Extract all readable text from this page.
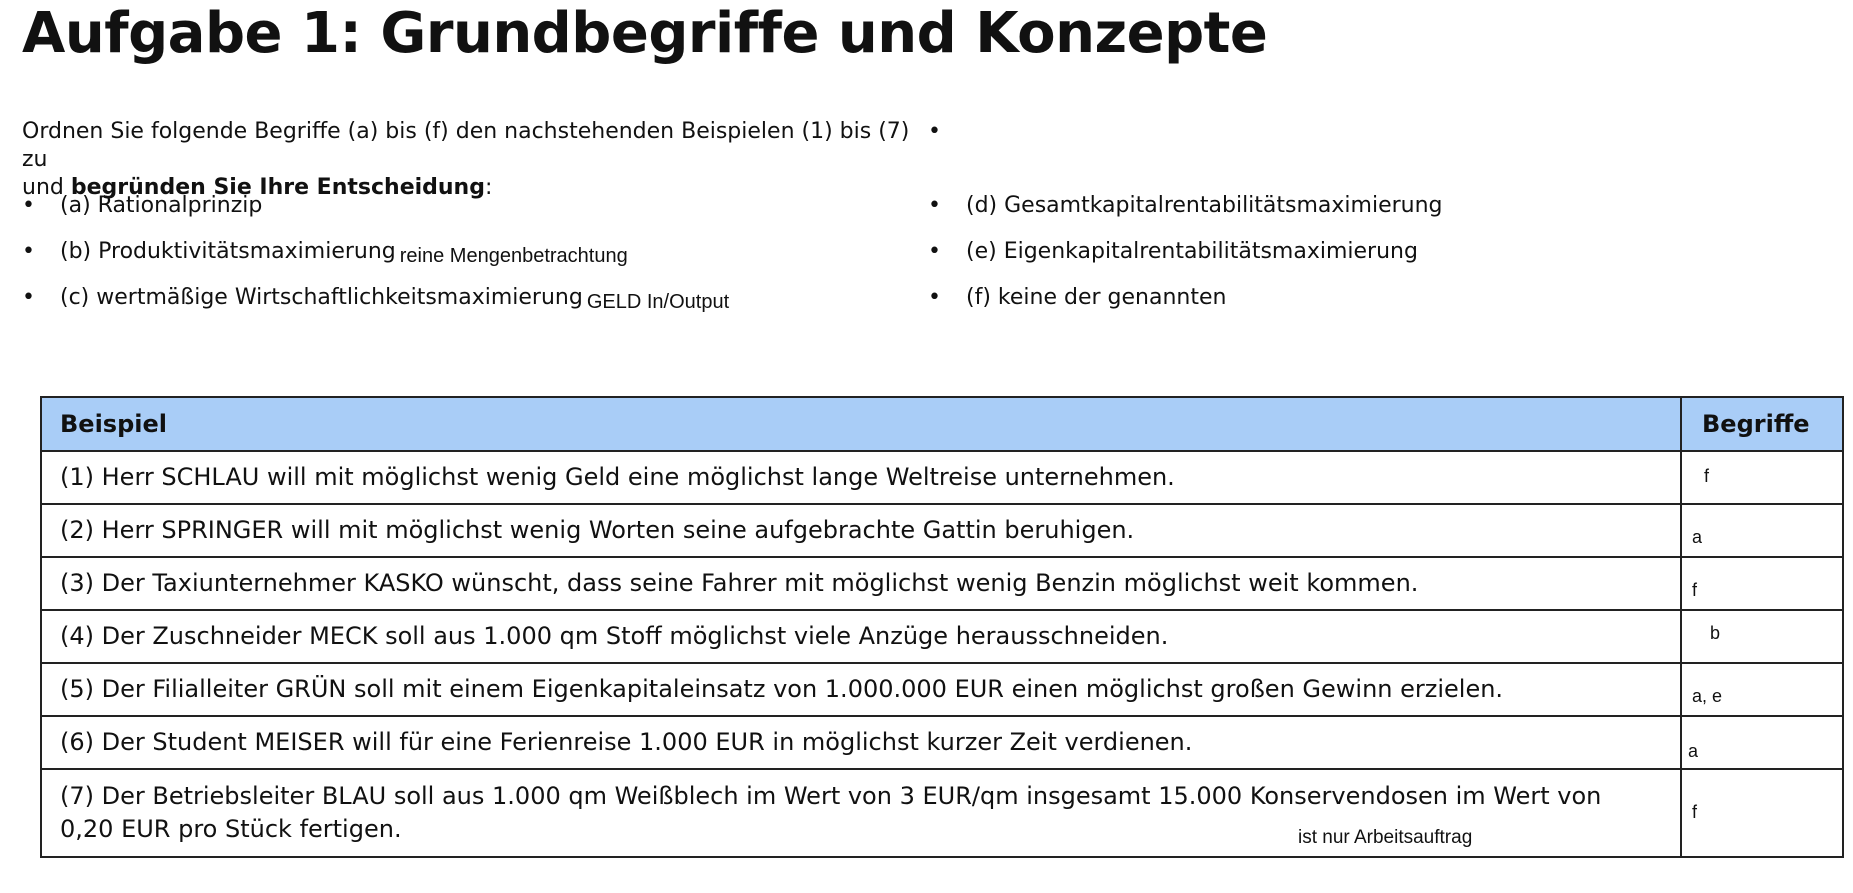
Aufgabe 1: Grundbegriffe und Konzepte

Ordnen Sie folgende Begriffe (a) bis (f) den nachstehenden Beispielen (1) bis (7) zu
und begründen Sie Ihre Entscheidung:

•
• (a) Rationalprinzip
• (b) Produktivitätsmaximierung reine Mengenbetrachtung
• (c) wertmäßige Wirtschaftlichkeitsmaximierung GELD In/Output
• (d) Gesamtkapitalrentabilitätsmaximierung
• (e) Eigenkapitalrentabilitätsmaximierung
• (f) keine der genannten
Beispiel	Begriffe
(1) Herr SCHLAU will mit möglichst wenig Geld eine möglichst lange Weltreise unternehmen.	f

(2) Herr SPRINGER will mit möglichst wenig Worten seine aufgebrachte Gattin beruhigen.	a

(3) Der Taxiunternehmer KASKO wünscht, dass seine Fahrer mit möglichst wenig Benzin möglichst weit kommen.	f

(4) Der Zuschneider MECK soll aus 1.000 qm Stoff möglichst viele Anzüge herausschneiden.	b

(5) Der Filialleiter GRÜN soll mit einem Eigenkapitaleinsatz von 1.000.000 EUR einen möglichst großen Gewinn erzielen.	a, e

(6) Der Student MEISER will für eine Ferienreise 1.000 EUR in möglichst kurzer Zeit verdienen.	a

(7) Der Betriebsleiter BLAU soll aus 1.000 qm Weißblech im Wert von 3 EUR/qm insgesamt 15.000 Konservendosen im Wert von 0,20 EUR pro Stück fertigen. ist nur Arbeitsauftrag	f
